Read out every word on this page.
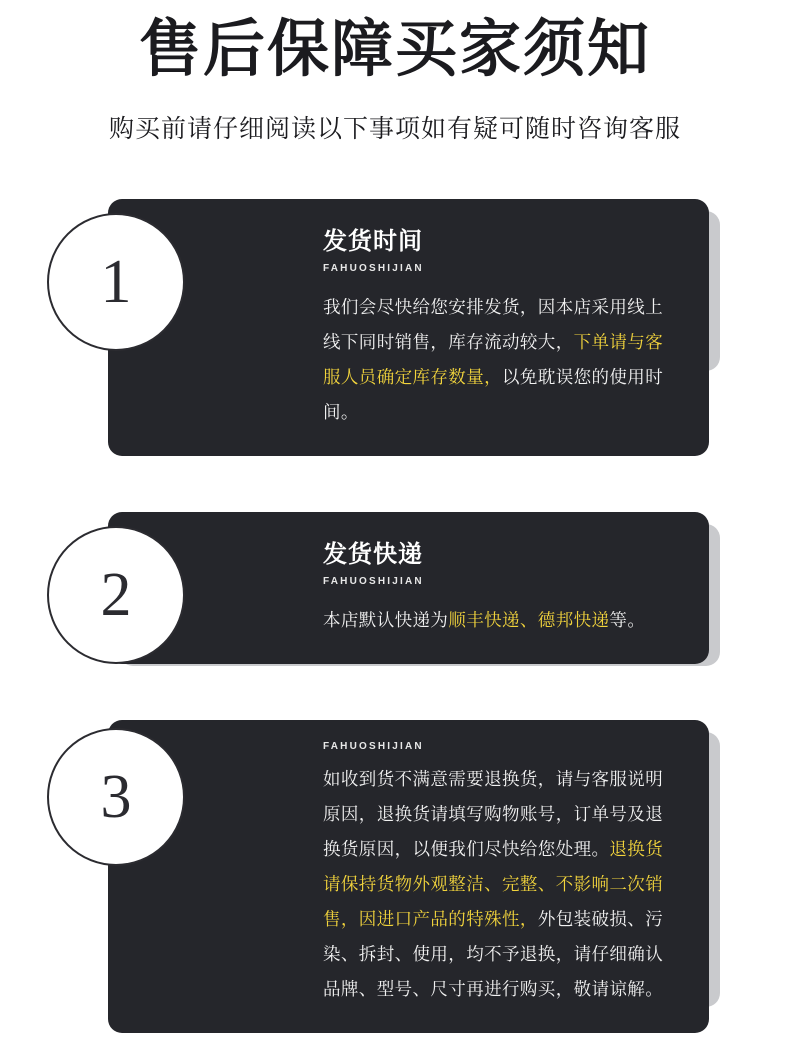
售后保障买家须知
购买前请仔细阅读以下事项如有疑可随时咨询客服
发货时间
FAHUOSHIJIAN
我们会尽快给您安排发货，因本店采用线上线下同时销售，库存流动较大，下单请与客服人员确定库存数量，以免耽误您的使用时间。
1
发货快递
FAHUOSHIJIAN
本店默认快递为顺丰快递、德邦快递等。
2
FAHUOSHIJIAN
如收到货不满意需要退换货，请与客服说明原因，退换货请填写购物账号，订单号及退换货原因，以便我们尽快给您处理。退换货请保持货物外观整洁、完整、不影响二次销售，因进口产品的特殊性，外包装破损、污染、拆封、使用，均不予退换，请仔细确认品牌、型号、尺寸再进行购买，敬请谅解。
3
